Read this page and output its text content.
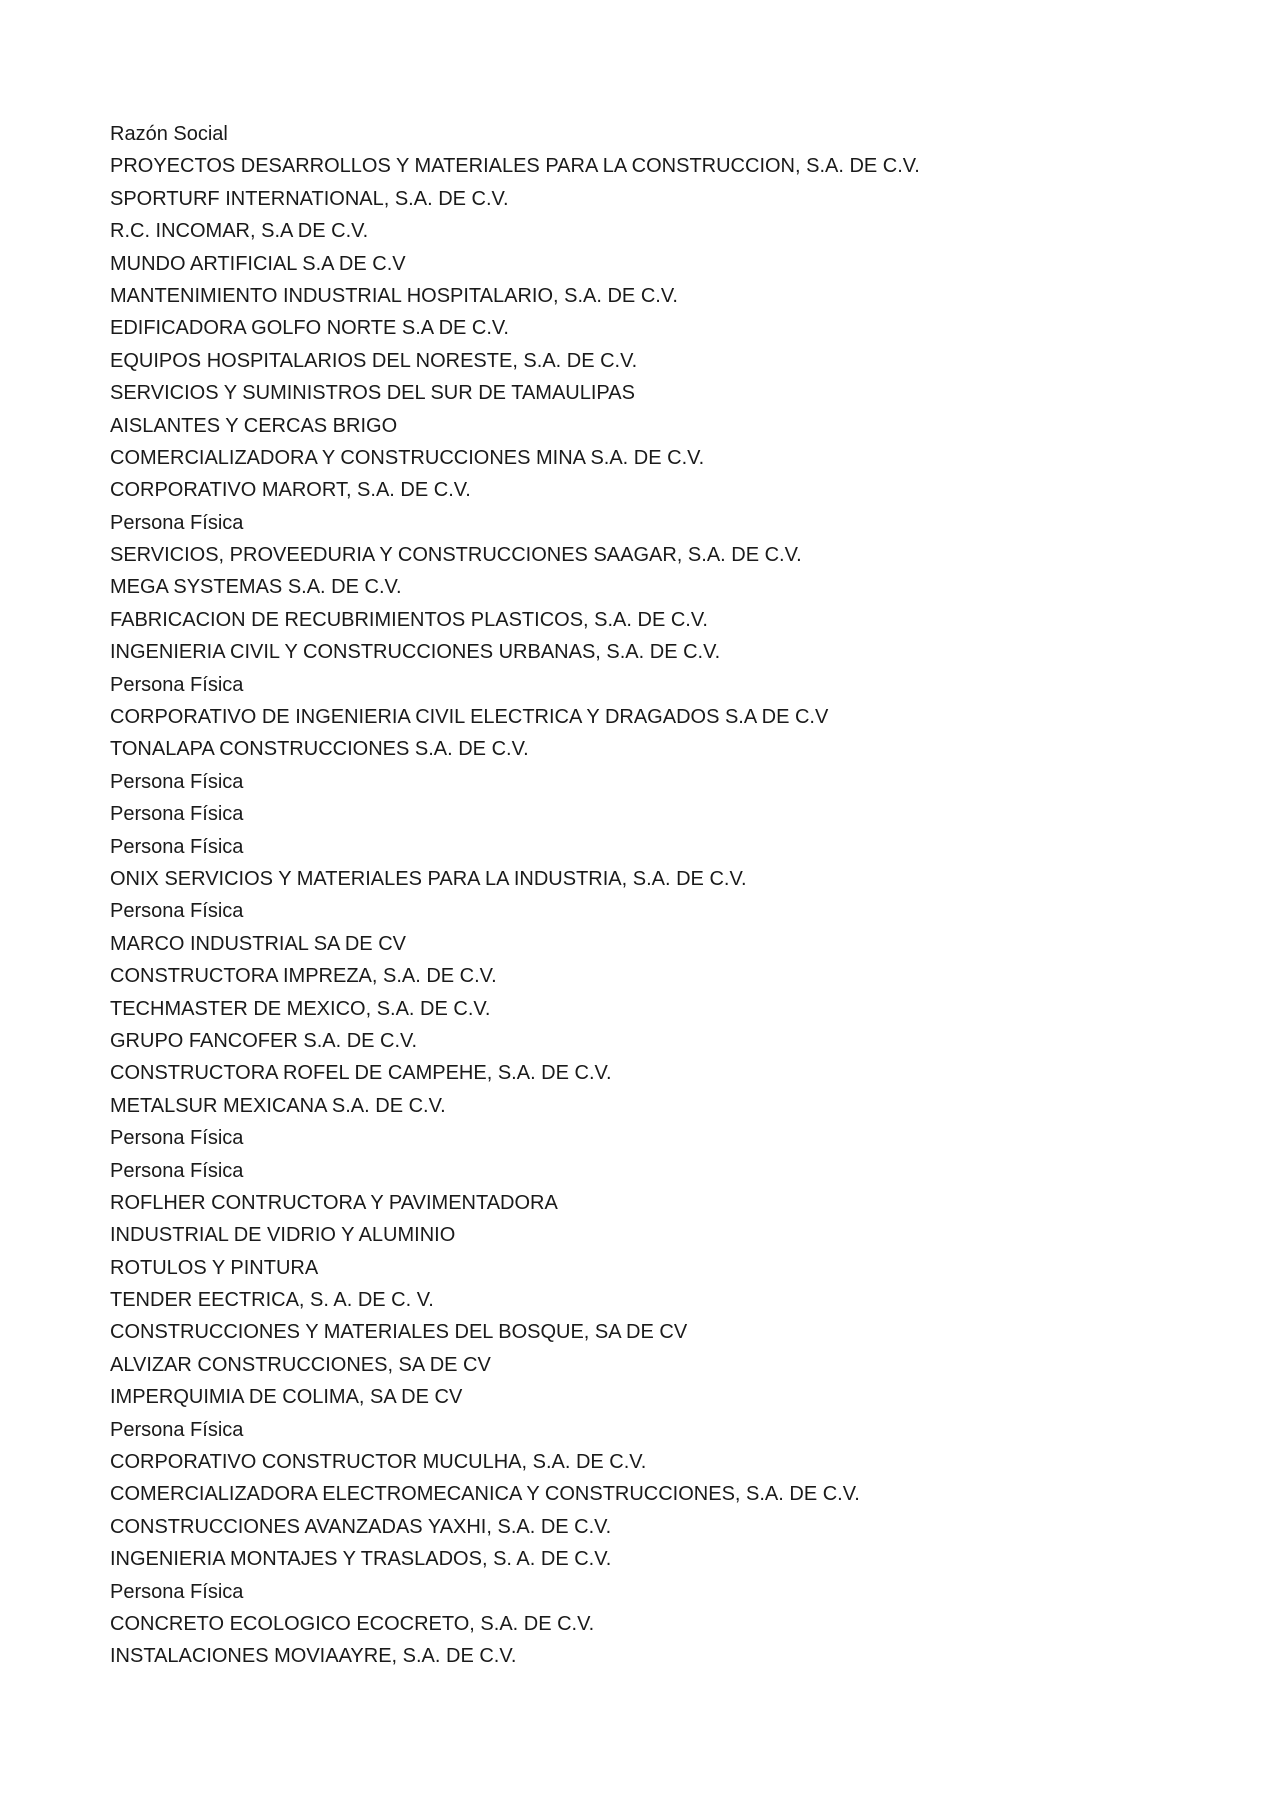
Razón Social
PROYECTOS DESARROLLOS Y MATERIALES PARA LA CONSTRUCCION, S.A. DE C.V.
SPORTURF INTERNATIONAL, S.A. DE C.V.
R.C. INCOMAR, S.A DE C.V.
MUNDO ARTIFICIAL S.A DE C.V
MANTENIMIENTO INDUSTRIAL HOSPITALARIO, S.A. DE C.V.
EDIFICADORA GOLFO NORTE S.A DE C.V.
EQUIPOS HOSPITALARIOS DEL NORESTE, S.A. DE C.V.
SERVICIOS Y SUMINISTROS DEL SUR DE TAMAULIPAS
AISLANTES Y CERCAS BRIGO
COMERCIALIZADORA Y CONSTRUCCIONES MINA S.A. DE C.V.
CORPORATIVO MARORT, S.A. DE C.V.
Persona Física
SERVICIOS, PROVEEDURIA Y CONSTRUCCIONES SAAGAR, S.A. DE C.V.
MEGA SYSTEMAS S.A. DE C.V.
FABRICACION DE RECUBRIMIENTOS PLASTICOS, S.A. DE C.V.
INGENIERIA CIVIL Y CONSTRUCCIONES URBANAS, S.A. DE C.V.
Persona Física
CORPORATIVO DE INGENIERIA CIVIL ELECTRICA Y DRAGADOS S.A DE C.V
TONALAPA CONSTRUCCIONES S.A. DE C.V.
Persona Física
Persona Física
Persona Física
ONIX SERVICIOS Y MATERIALES PARA LA INDUSTRIA, S.A. DE C.V.
Persona Física
MARCO INDUSTRIAL SA DE CV
CONSTRUCTORA IMPREZA, S.A. DE C.V.
TECHMASTER DE MEXICO, S.A. DE C.V.
GRUPO FANCOFER S.A. DE C.V.
CONSTRUCTORA ROFEL DE CAMPEHE, S.A. DE C.V.
METALSUR MEXICANA S.A. DE C.V.
Persona Física
Persona Física
ROFLHER CONTRUCTORA Y PAVIMENTADORA
INDUSTRIAL DE VIDRIO Y ALUMINIO
ROTULOS Y PINTURA
TENDER EECTRICA, S. A. DE C. V.
CONSTRUCCIONES Y MATERIALES DEL BOSQUE, SA DE CV
ALVIZAR CONSTRUCCIONES, SA DE CV
IMPERQUIMIA DE COLIMA, SA DE CV
Persona Física
CORPORATIVO CONSTRUCTOR MUCULHA, S.A. DE C.V.
COMERCIALIZADORA ELECTROMECANICA Y CONSTRUCCIONES, S.A. DE C.V.
CONSTRUCCIONES AVANZADAS YAXHI, S.A. DE C.V.
INGENIERIA MONTAJES Y TRASLADOS, S. A. DE C.V.
Persona Física
CONCRETO ECOLOGICO ECOCRETO, S.A. DE C.V.
INSTALACIONES MOVIAAYRE, S.A. DE C.V.
